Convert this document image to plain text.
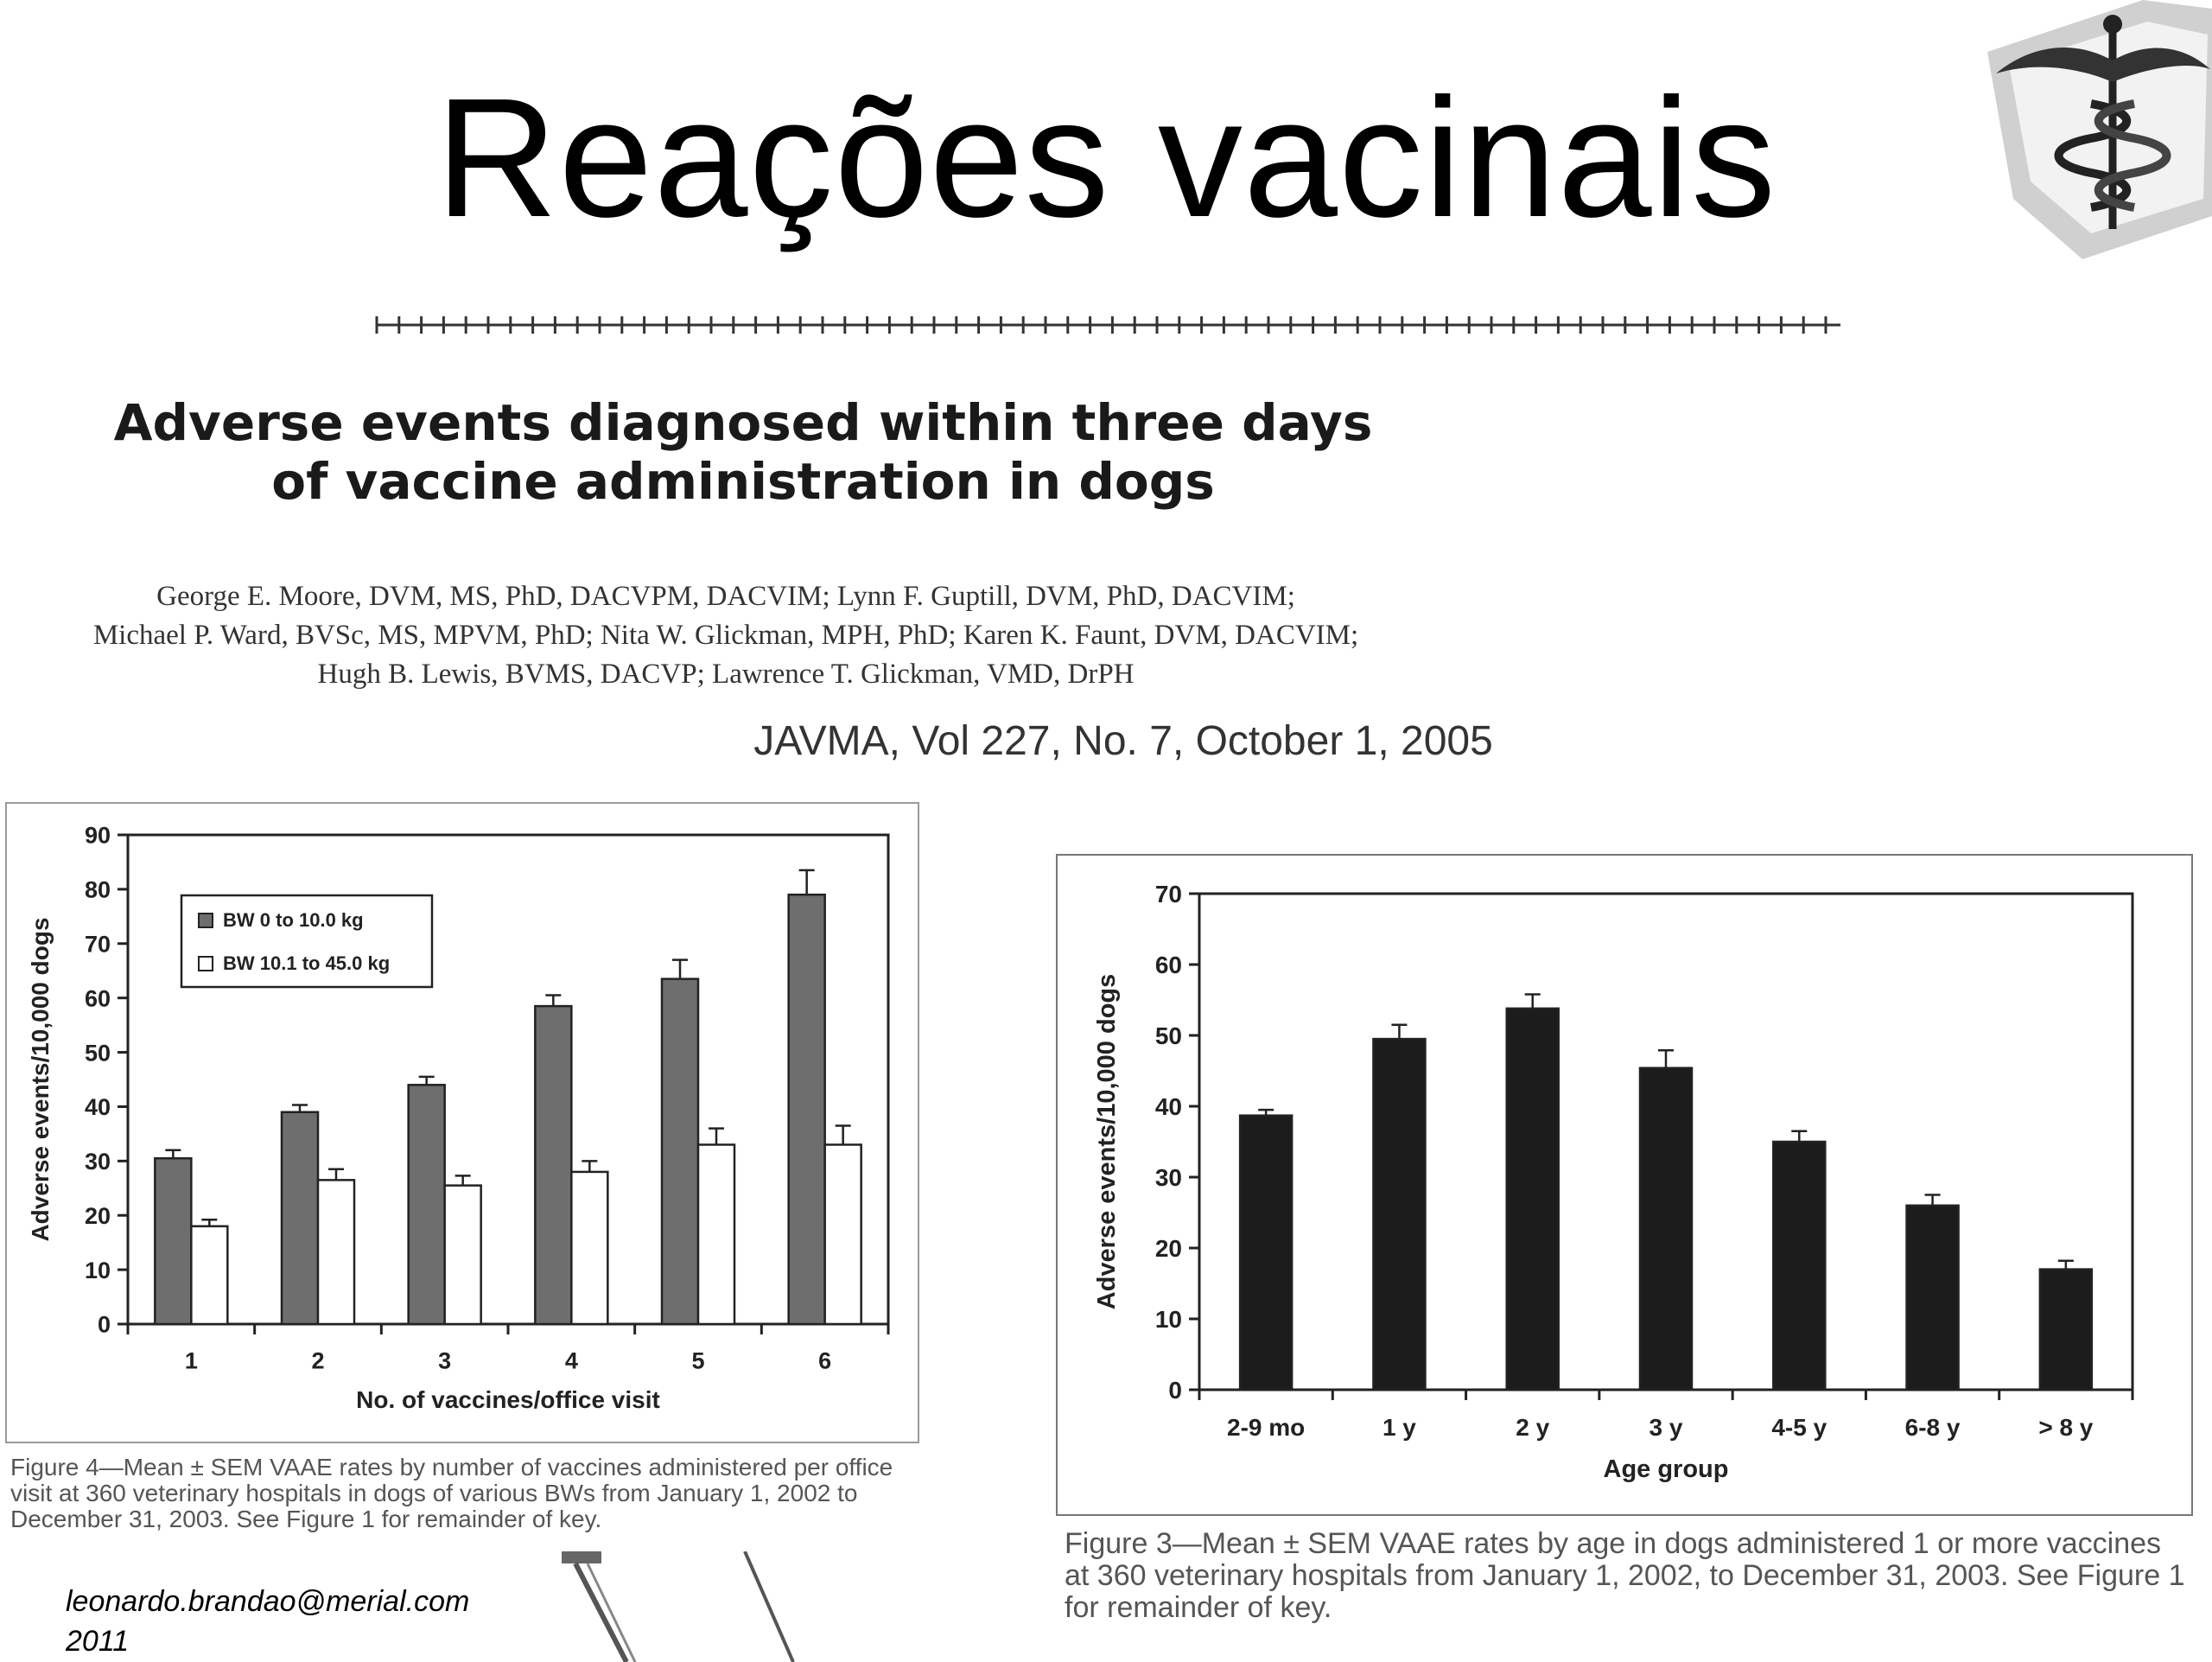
Reações vacinais
Adverse events diagnosed within three days
of vaccine administration in dogs
George E. Moore, DVM, MS, PhD, DACVPM, DACVIM; Lynn F. Guptill, DVM, PhD, DACVIM;
Michael P. Ward, BVSc, MS, MPVM, PhD; Nita W. Glickman, MPH, PhD; Karen K. Faunt, DVM, DACVIM;
Hugh B. Lewis, BVMS, DACVP; Lawrence T. Glickman, VMD, DrPH
JAVMA, Vol 227, No. 7, October 1, 2005
0
10
20
30
40
50
60
70
80
90
1	2	3	4	5	6
No. of vaccines/office visit
Adverse events/10,000 dogs	BW 0 to 10.0 kg
BW 10.1 to 45.0 kg
Figure 4—Mean ± SEM VAAE rates by number of vaccines administered per office visit at 360 veterinary hospitals in dogs of various BWs from January 1, 2002 to December 31, 2003. See Figure 1 for remainder of key.
0
10
20
30
40
50
60
70
2-9 mo	1 y	2 y	3 y	4-5 y	6-8 y	> 8 y
Age group
Adverse events/10,000 dogs
Figure 3—Mean ± SEM VAAE rates by age in dogs administered 1 or more vaccines at 360 veterinary hospitals from January 1, 2002, to December 31, 2003. See Figure 1 for remainder of key.
leonardo.brandao@merial.com
2011
